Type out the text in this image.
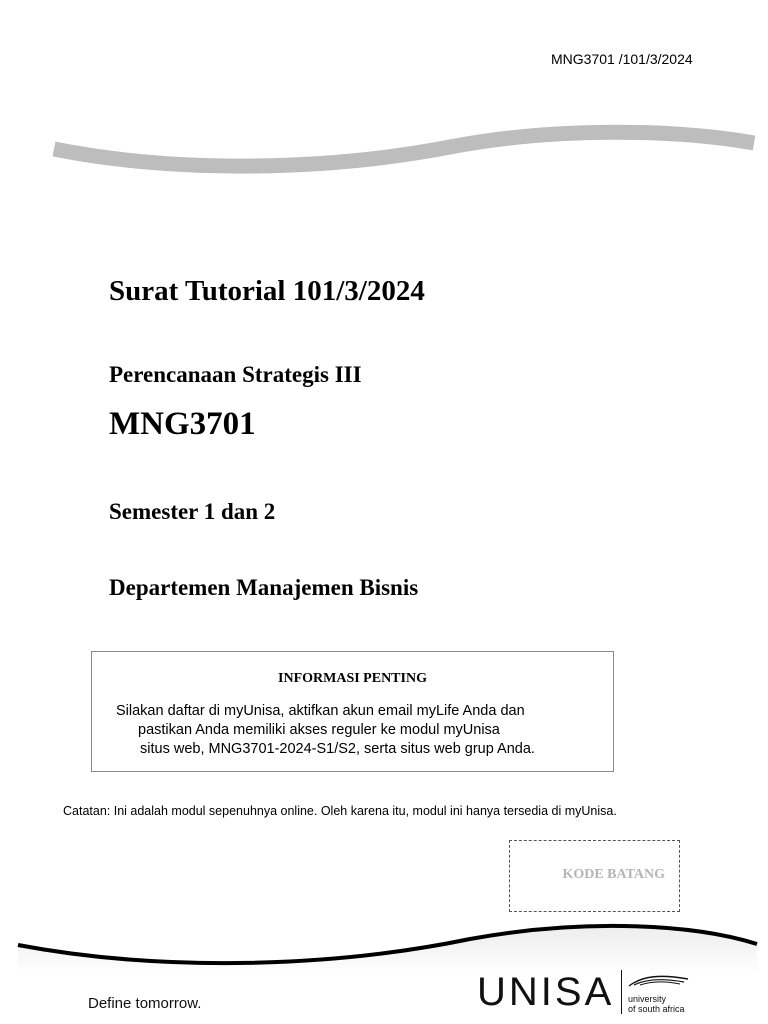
MNG3701 /101/3/2024
Surat Tutorial 101/3/2024
Perencanaan Strategis III
MNG3701
Semester 1 dan 2
Departemen Manajemen Bisnis
INFORMASI PENTING
Silakan daftar di myUnisa, aktifkan akun email myLife Anda dan
pastikan Anda memiliki akses reguler ke modul myUnisa
situs web, MNG3701-2024-S1/S2, serta situs web grup Anda.
Catatan: Ini adalah modul sepenuhnya online. Oleh karena itu, modul ini hanya tersedia di myUnisa.
KODE BATANG
Define tomorrow.	UNISA university
of south africa
